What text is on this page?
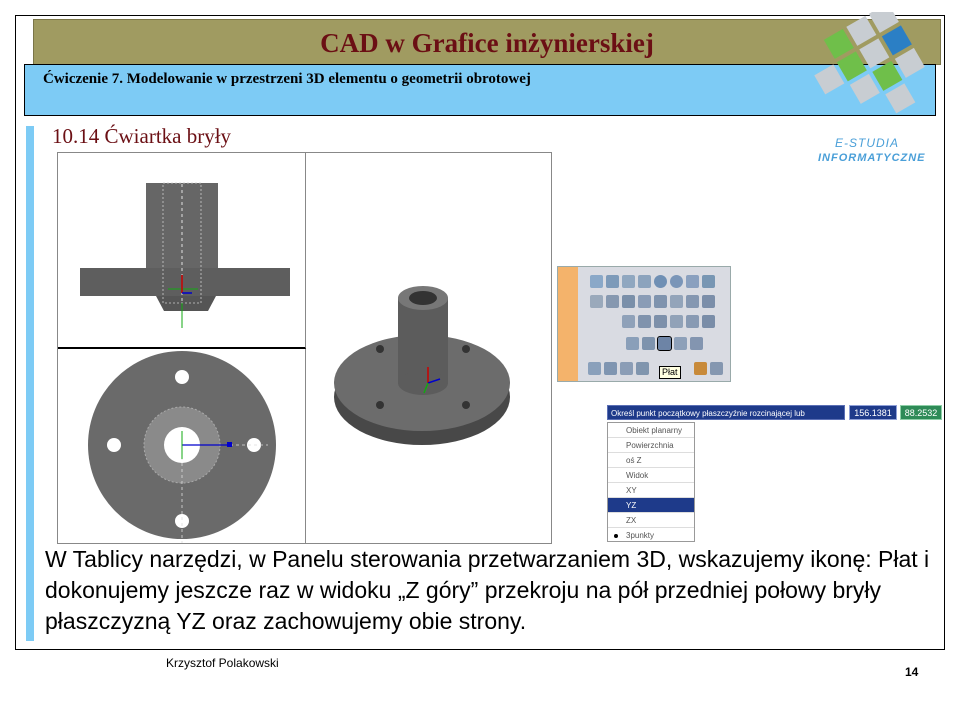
CAD w Grafice inżynierskiej
Ćwiczenie 7. Modelowanie w przestrzeni 3D elementu o geometrii obrotowej
E-STUDIA
INFORMATYCZNE
10.14 Ćwiartka bryły
Płat
Określ punkt początkowy płaszczyźnie rozcinającej lub	156.1381	88.2532
Obiekt planarny
Powierzchnia
oś Z
Widok
XY
YZ
ZX
3punkty
W Tablicy narzędzi, w Panelu sterowania przetwarzaniem 3D, wskazujemy ikonę: Płat i dokonujemy jeszcze raz w widoku „Z góry” przekroju na pół przedniej połowy bryły płaszczyzną YZ oraz zachowujemy obie strony.
Krzysztof Polakowski
14
